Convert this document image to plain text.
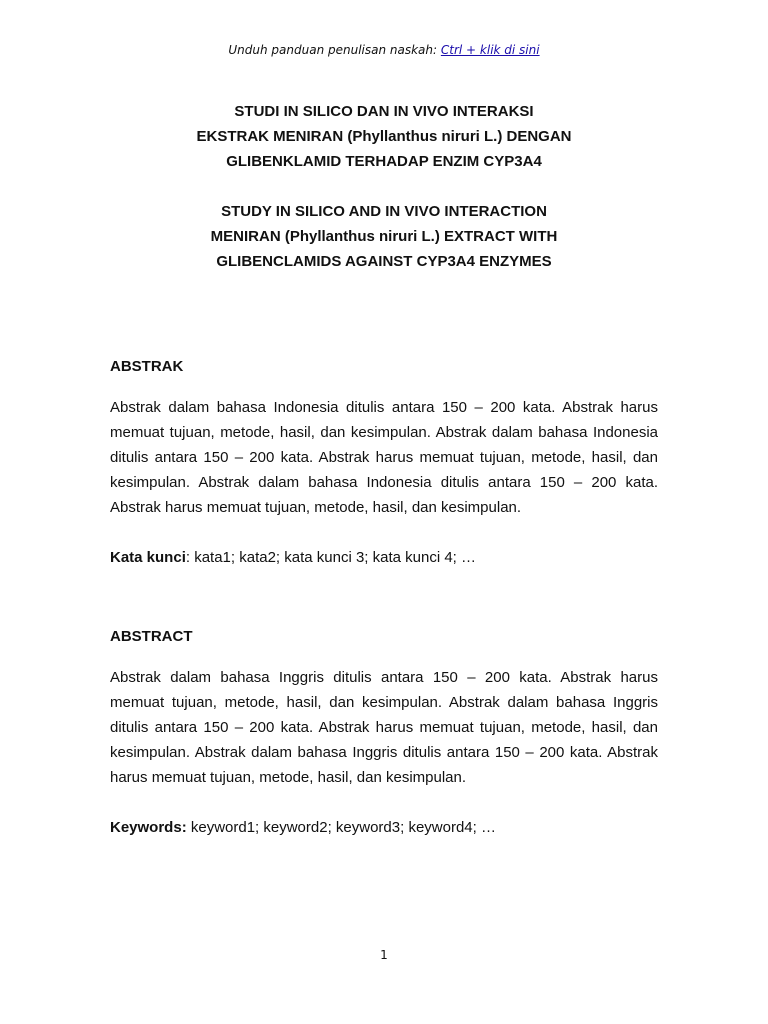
Unduh panduan penulisan naskah: Ctrl + klik di sini
STUDI IN SILICO DAN IN VIVO INTERAKSI
EKSTRAK MENIRAN (Phyllanthus niruri L.) DENGAN
GLIBENKLAMID TERHADAP ENZIM CYP3A4
STUDY IN SILICO AND IN VIVO INTERACTION
MENIRAN (Phyllanthus niruri L.) EXTRACT WITH
GLIBENCLAMIDS AGAINST CYP3A4 ENZYMES
ABSTRAK
Abstrak dalam bahasa Indonesia ditulis antara 150 – 200 kata. Abstrak harus memuat tujuan, metode, hasil, dan kesimpulan. Abstrak dalam bahasa Indonesia ditulis antara 150 – 200 kata. Abstrak harus memuat tujuan, metode, hasil, dan kesimpulan. Abstrak dalam bahasa Indonesia ditulis antara 150 – 200 kata. Abstrak harus memuat tujuan, metode, hasil, dan kesimpulan.
Kata kunci: kata1; kata2; kata kunci 3; kata kunci 4; …
ABSTRACT
Abstrak dalam bahasa Inggris ditulis antara 150 – 200 kata. Abstrak harus memuat tujuan, metode, hasil, dan kesimpulan. Abstrak dalam bahasa Inggris ditulis antara 150 – 200 kata. Abstrak harus memuat tujuan, metode, hasil, dan kesimpulan. Abstrak dalam bahasa Inggris ditulis antara 150 – 200 kata. Abstrak harus memuat tujuan, metode, hasil, dan kesimpulan.
Keywords: keyword1; keyword2; keyword3; keyword4; …
1
